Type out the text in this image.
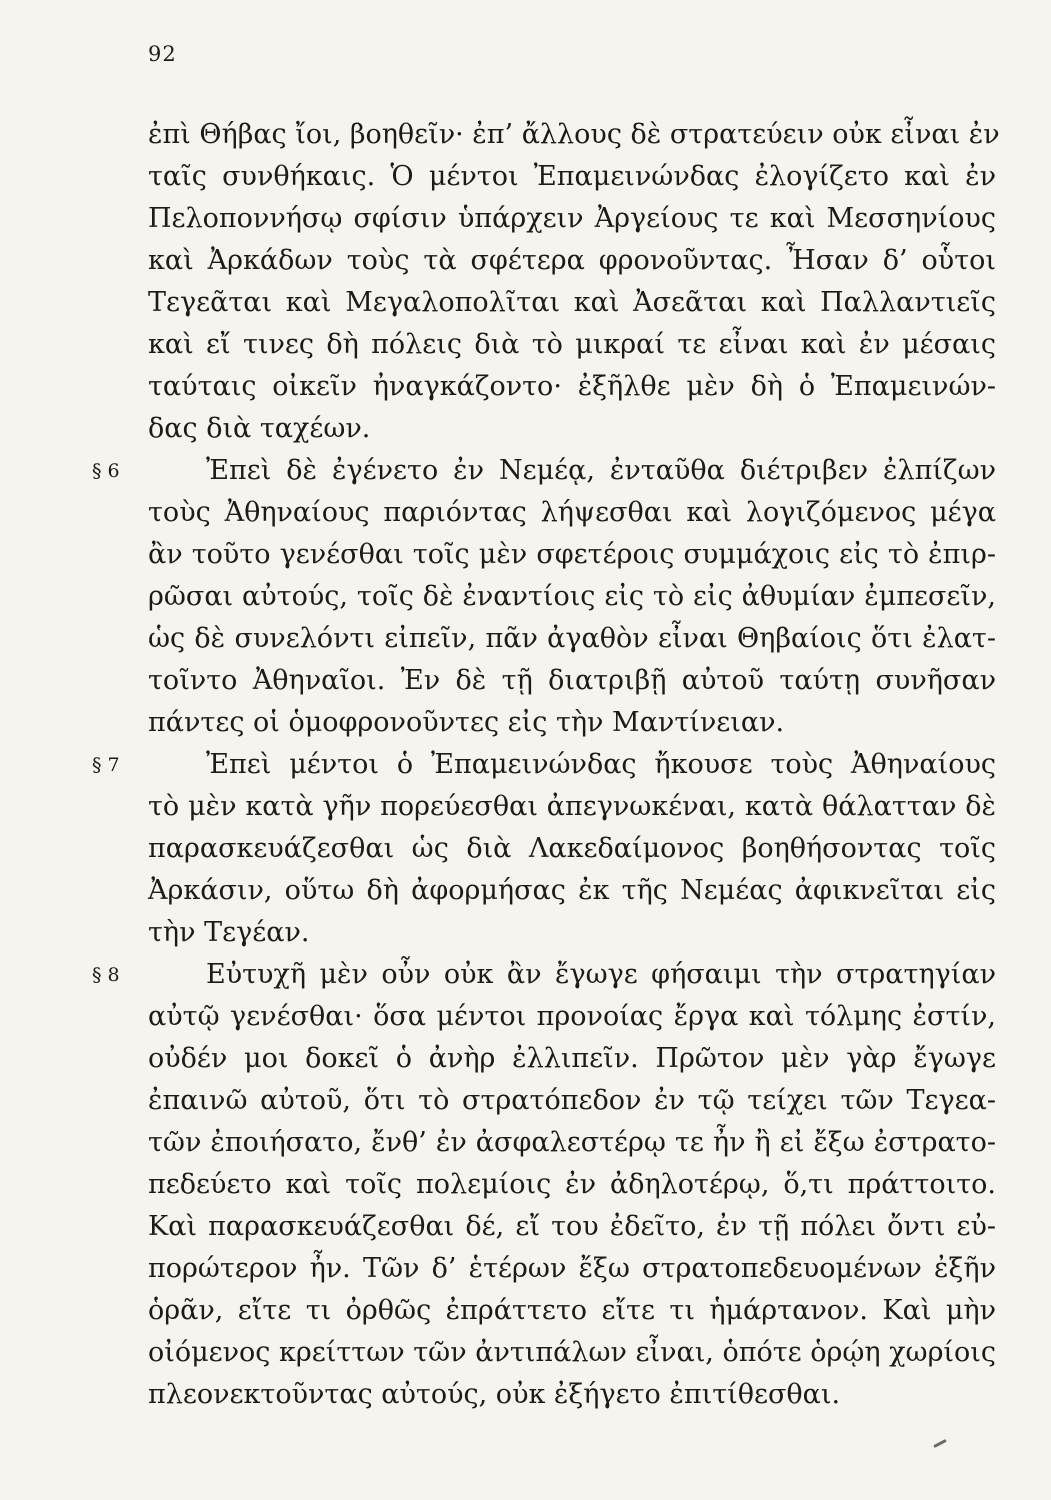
92
ἐπὶ Θήβας ἴοι, βοηθεῖν· ἐπ’ ἄλλους δὲ στρατεύειν οὐκ εἶναι ἐν
ταῖς συνθήκαις. Ὁ μέντοι Ἐπαμεινώνδας ἐλογίζετο καὶ ἐν
Πελοποννήσῳ σφίσιν ὑπάρχειν Ἀργείους τε καὶ Μεσσηνίους
καὶ Ἀρκάδων τοὺς τὰ σφέτερα φρονοῦντας. Ἦσαν δ’ οὗτοι
Τεγεᾶται καὶ Μεγαλοπολῖται καὶ Ἀσεᾶται καὶ Παλλαντιεῖς
καὶ εἴ τινες δὴ πόλεις διὰ τὸ μικραί τε εἶναι καὶ ἐν μέσαις
ταύταις οἰκεῖν ἠναγκάζοντο· ἐξῆλθε μὲν δὴ ὁ Ἐπαμεινών-
δας διὰ ταχέων.
§ 6	Ἐπεὶ δὲ ἐγένετο ἐν Νεμέᾳ, ἐνταῦθα διέτριβεν ἐλπίζων
τοὺς Ἀθηναίους παριόντας λήψεσθαι καὶ λογιζόμενος μέγα
ἂν τοῦτο γενέσθαι τοῖς μὲν σφετέροις συμμάχοις εἰς τὸ ἐπιρ-
ρῶσαι αὐτούς, τοῖς δὲ ἐναντίοις εἰς τὸ εἰς ἀθυμίαν ἐμπεσεῖν,
ὡς δὲ συνελόντι εἰπεῖν, πᾶν ἀγαθὸν εἶναι Θηβαίοις ὅτι ἐλατ-
τοῖντο Ἀθηναῖοι. Ἐν δὲ τῇ διατριβῇ αὐτοῦ ταύτῃ συνῆσαν
πάντες οἱ ὁμοφρονοῦντες εἰς τὴν Μαντίνειαν.
§ 7	Ἐπεὶ μέντοι ὁ Ἐπαμεινώνδας ἤκουσε τοὺς Ἀθηναίους
τὸ μὲν κατὰ γῆν πορεύεσθαι ἀπεγνωκέναι, κατὰ θάλατταν δὲ
παρασκευάζεσθαι ὡς διὰ Λακεδαίμονος βοηθήσοντας τοῖς
Ἀρκάσιν, οὕτω δὴ ἀφορμήσας ἐκ τῆς Νεμέας ἀφικνεῖται εἰς
τὴν Τεγέαν.
§ 8	Εὐτυχῆ μὲν οὖν οὐκ ἂν ἔγωγε φήσαιμι τὴν στρατηγίαν
αὐτῷ γενέσθαι· ὅσα μέντοι προνοίας ἔργα καὶ τόλμης ἐστίν,
οὐδέν μοι δοκεῖ ὁ ἀνὴρ ἐλλιπεῖν. Πρῶτον μὲν γὰρ ἔγωγε
ἐπαινῶ αὐτοῦ, ὅτι τὸ στρατόπεδον ἐν τῷ τείχει τῶν Τεγεα-
τῶν ἐποιήσατο, ἔνθ’ ἐν ἀσφαλεστέρῳ τε ἦν ἢ εἰ ἔξω ἐστρατο-
πεδεύετο καὶ τοῖς πολεμίοις ἐν ἀδηλοτέρῳ, ὅ,τι πράττοιτο.
Καὶ παρασκευάζεσθαι δέ, εἴ του ἐδεῖτο, ἐν τῇ πόλει ὄντι εὐ-
πορώτερον ἦν. Τῶν δ’ ἑτέρων ἔξω στρατοπεδευομένων ἐξῆν
ὁρᾶν, εἴτε τι ὀρθῶς ἐπράττετο εἴτε τι ἡμάρτανον. Καὶ μὴν
οἰόμενος κρείττων τῶν ἀντιπάλων εἶναι, ὁπότε ὁρῴη χωρίοις
πλεονεκτοῦντας αὐτούς, οὐκ ἐξήγετο ἐπιτίθεσθαι.
